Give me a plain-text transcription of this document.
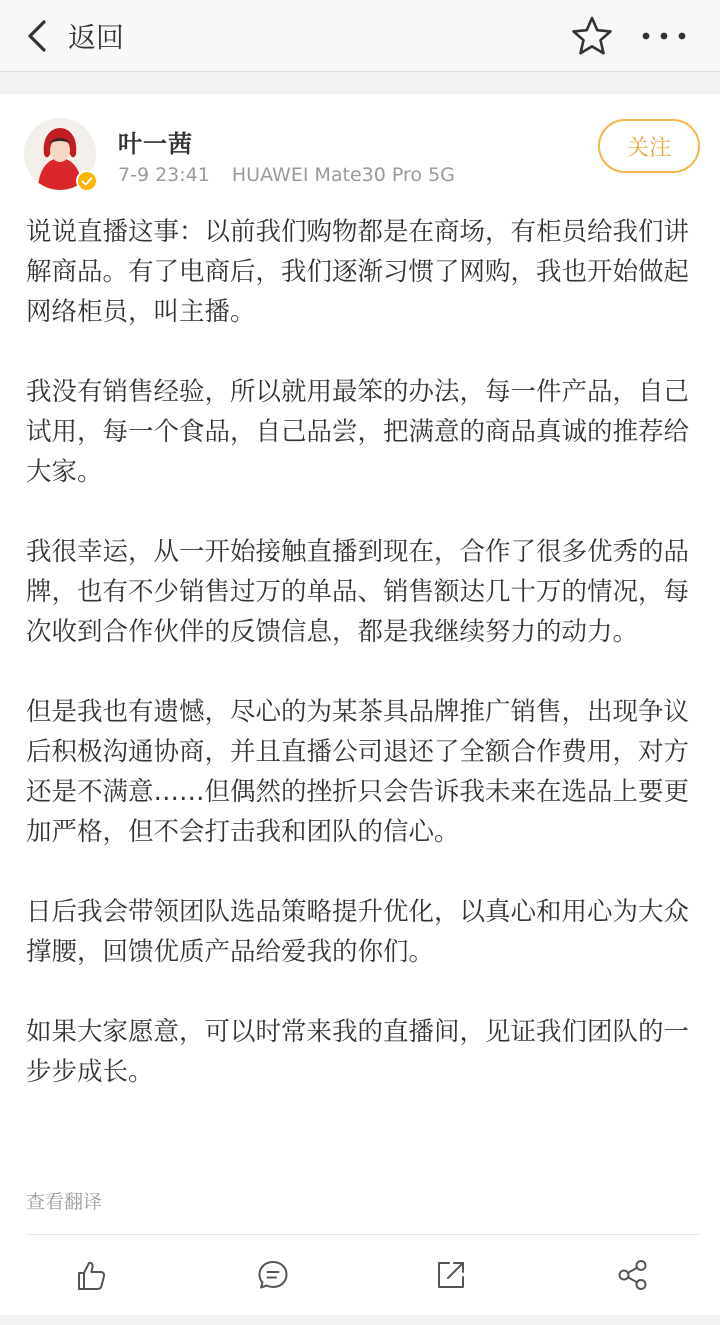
返回
叶一茜
7-9 23:41 HUAWEI Mate30 Pro 5G
关注

说说直播这事：以前我们购物都是在商场，有柜员给我们讲解商品。有了电商后，我们逐渐习惯了网购，我也开始做起网络柜员，叫主播。

我没有销售经验，所以就用最笨的办法，每一件产品，自己试用，每一个食品，自己品尝，把满意的商品真诚的推荐给大家。

我很幸运，从一开始接触直播到现在，合作了很多优秀的品牌，也有不少销售过万的单品、销售额达几十万的情况，每次收到合作伙伴的反馈信息，都是我继续努力的动力。

但是我也有遗憾，尽心的为某茶具品牌推广销售，出现争议后积极沟通协商，并且直播公司退还了全额合作费用，对方还是不满意……但偶然的挫折只会告诉我未来在选品上要更加严格，但不会打击我和团队的信心。

日后我会带领团队选品策略提升优化，以真心和用心为大众撑腰，回馈优质产品给爱我的你们。

如果大家愿意，可以时常来我的直播间，见证我们团队的一步步成长。

查看翻译
